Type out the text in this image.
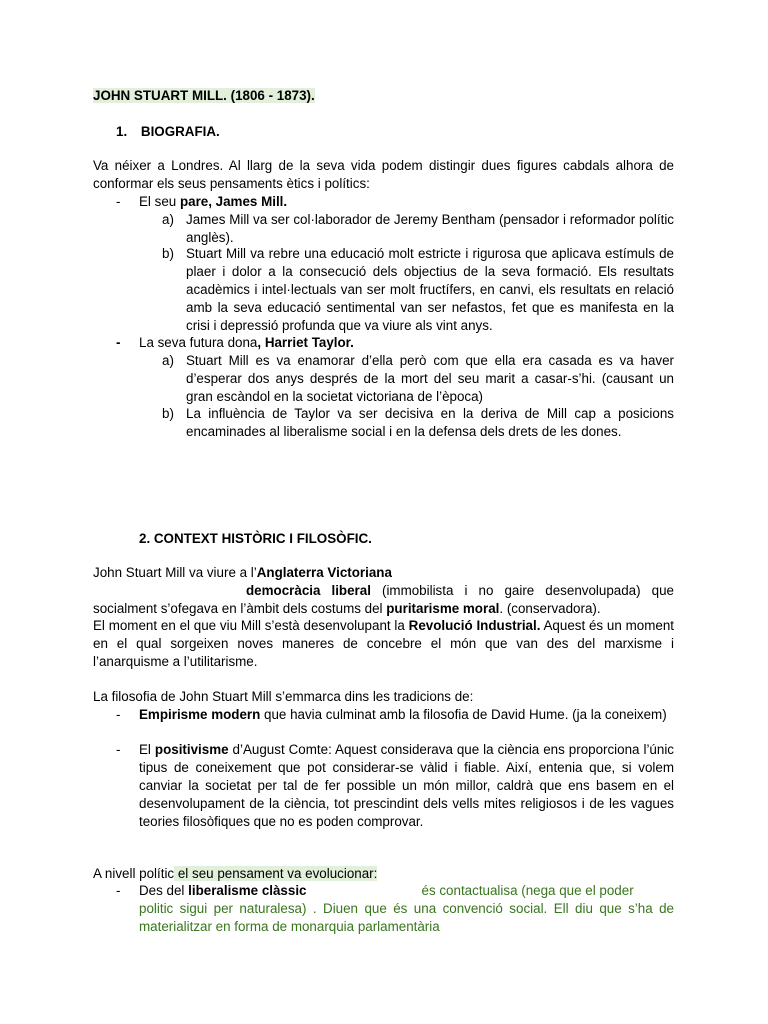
JOHN STUART MILL. (1806 - 1873).

1. BIOGRAFIA.

Va néixer a Londres. Al llarg de la seva vida podem distingir dues figures cabdals alhora de conformar els seus pensaments ètics i polítics:

- El seu pare, James Mill.

a) James Mill va ser col·laborador de Jeremy Bentham (pensador i reformador polític anglès).

b) Stuart Mill va rebre una educació molt estricte i rigurosa que aplicava estímuls de plaer i dolor a la consecució dels objectius de la seva formació. Els resultats acadèmics i intel·lectuals van ser molt fructífers, en canvi, els resultats en relació amb la seva educació sentimental van ser nefastos, fet que es manifesta en la crisi i depressió profunda que va viure als vint anys.

- La seva futura dona, Harriet Taylor.

a) Stuart Mill es va enamorar d’ella però com que ella era casada es va haver d’esperar dos anys després de la mort del seu marit a casar-s’hi. (causant un gran escàndol en la societat victoriana de l’època)

b) La influència de Taylor va ser decisiva en la deriva de Mill cap a posicions encaminades al liberalisme social i en la defensa dels drets de les dones.

2. CONTEXT HISTÒRIC I FILOSÒFIC.

John Stuart Mill va viure a l’Anglaterra Victoriana

democràcia liberal (immobilista i no gaire desenvolupada) que socialment s’ofegava en l’àmbit dels costums del puritarisme moral. (conservadora).

El moment en el que viu Mill s’està desenvolupant la Revolució Industrial. Aquest és un moment en el qual sorgeixen noves maneres de concebre el món que van des del marxisme i l’anarquisme a l’utilitarisme.

La filosofia de John Stuart Mill s’emmarca dins les tradicions de:

- Empirisme modern que havia culminat amb la filosofia de David Hume. (ja la coneixem)

- El positivisme d’August Comte: Aquest considerava que la ciència ens proporciona l’únic tipus de coneixement que pot considerar-se vàlid i fiable. Així, entenia que, si volem canviar la societat per tal de fer possible un món millor, caldrà que ens basem en el desenvolupament de la ciència, tot prescindint dels vells mites religiosos i de les vagues teories filosòfiques que no es poden comprovar.

A nivell polític el seu pensament va evolucionar:

- Des del liberalisme clàssic	és contactualisa (nega que el poder

politic sigui per naturalesa) . Diuen que és una convenció social. Ell diu que s’ha de materialitzar en forma de monarquia parlamentària
